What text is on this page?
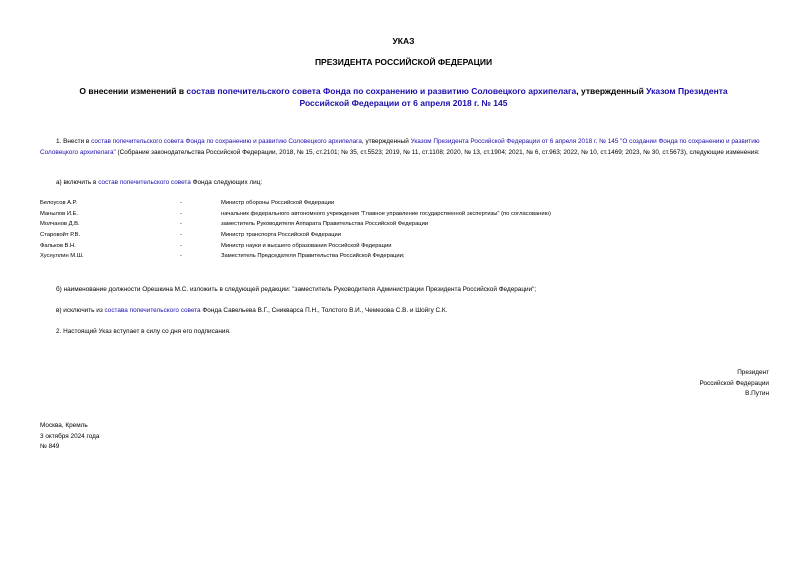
УКАЗ
ПРЕЗИДЕНТА РОССИЙСКОЙ ФЕДЕРАЦИИ
О внесении изменений в состав попечительского совета Фонда по сохранению и развитию Соловецкого архипелага, утвержденный Указом Президента
Российской Федерации от 6 апреля 2018 г. № 145
1. Внести в состав попечительского совета Фонда по сохранению и развитию Соловецкого архипелага, утвержденный Указом Президента Российской Федерации от 6 апреля 2018 г. № 145 "О создании Фонда по сохранению и развитию Соловецкого архипелага" (Собрание законодательства Российской Федерации, 2018, № 15, ст.2101; № 35, ст.5523; 2019, № 11, ст.1108; 2020, № 13, ст.1904; 2021, № 6, ст.963; 2022, № 10, ст.1469; 2023, № 30, ст.5673), следующие изменения:
а) включить в состав попечительского совета Фонда следующих лиц:
Белоусов А.Р.	-	Министр обороны Российской Федерации
Манылов И.Е.	-	начальник федерального автономного учреждения "Главное управление государственной экспертизы" (по согласованию)
Молчанов Д.В.	-	заместитель Руководителя Аппарата Правительства Российской Федерации
Старовойт Р.В.	-	Министр транспорта Российской Федерации
Фальков В.Н.	-	Министр науки и высшего образования Российской Федерации
Хуснуллин М.Ш.	-	Заместитель Председателя Правительства Российской Федерации;
б) наименование должности Орешкина М.С. изложить в следующей редакции: "заместитель Руководителя Администрации Президента Российской Федерации";
в) исключить из состава попечительского совета Фонда Савельева В.Г., Сникварса П.Н., Толстого В.И., Чемезова С.В. и Шойгу С.К.
2. Настоящий Указ вступает в силу со дня его подписания.
Президент
Российской Федерации
В.Путин
Москва, Кремль
3 октября 2024 года
№ 849
